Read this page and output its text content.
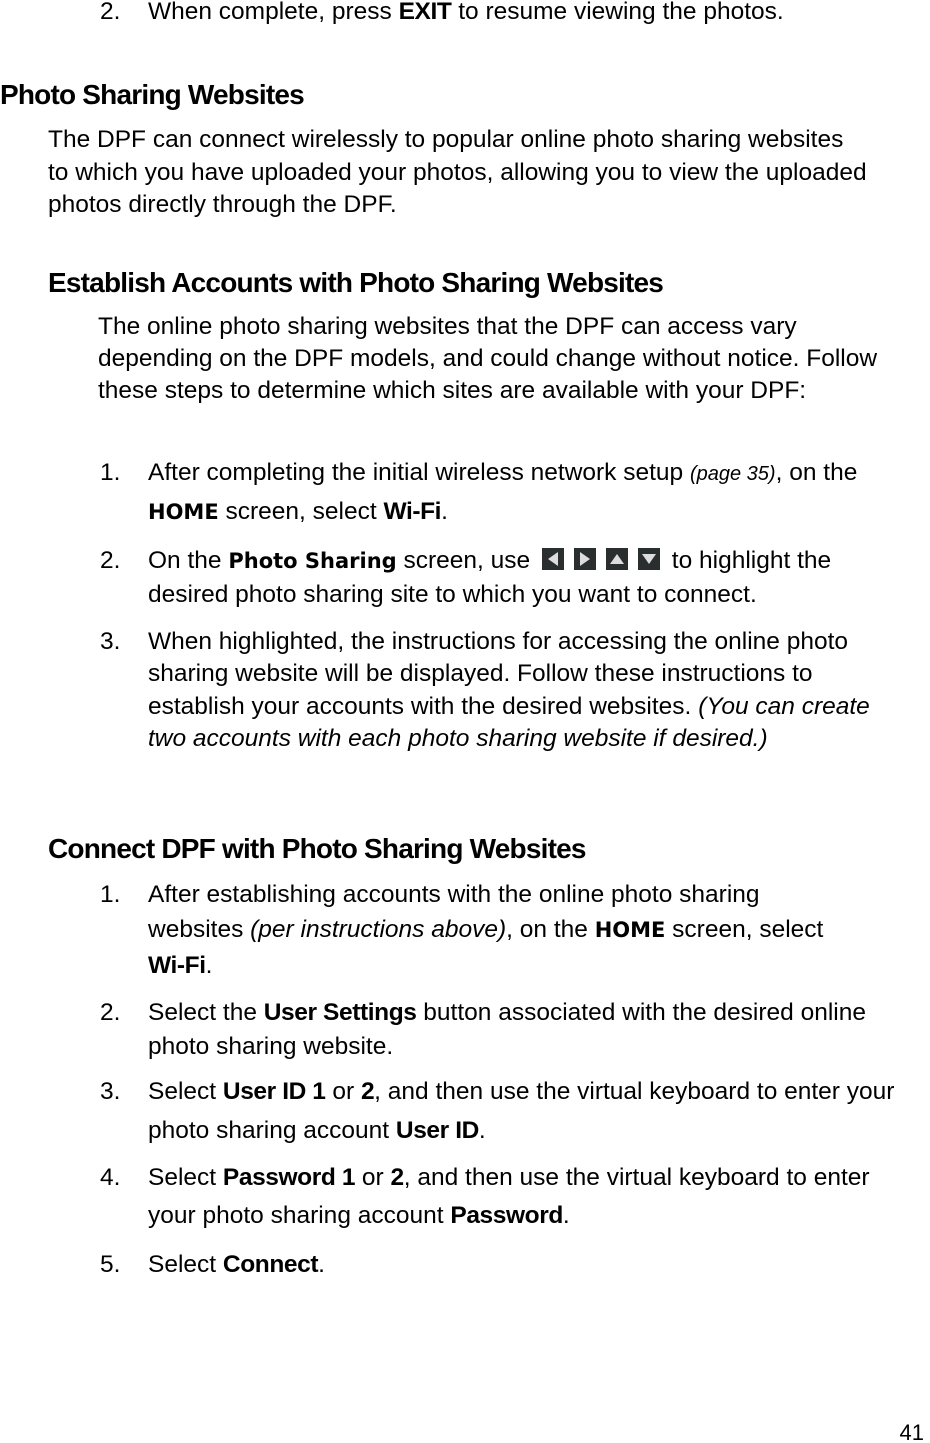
2. When complete, press EXIT to resume viewing the photos.
Photo Sharing Websites
The DPF can connect wirelessly to popular online photo sharing websites to which you have uploaded your photos, allowing you to view the uploaded photos directly through the DPF.
Establish Accounts with Photo Sharing Websites
The online photo sharing websites that the DPF can access vary depending on the DPF models, and could change without notice. Follow these steps to determine which sites are available with your DPF:
1. After completing the initial wireless network setup (page 35), on the HOME screen, select Wi-Fi.
2. On the Photo Sharing screen, use	to highlight the desired photo sharing site to which you want to connect.
3. When highlighted, the instructions for accessing the online photo sharing website will be displayed. Follow these instructions to establish your accounts with the desired websites. (You can create two accounts with each photo sharing website if desired.)
Connect DPF with Photo Sharing Websites
1. After establishing accounts with the online photo sharing websites (per instructions above), on the HOME screen, select Wi-Fi.
2. Select the User Settings button associated with the desired online photo sharing website.
3. Select User ID 1 or 2, and then use the virtual keyboard to enter your photo sharing account User ID.
4. Select Password 1 or 2, and then use the virtual keyboard to enter your photo sharing account Password.
5. Select Connect.
41
